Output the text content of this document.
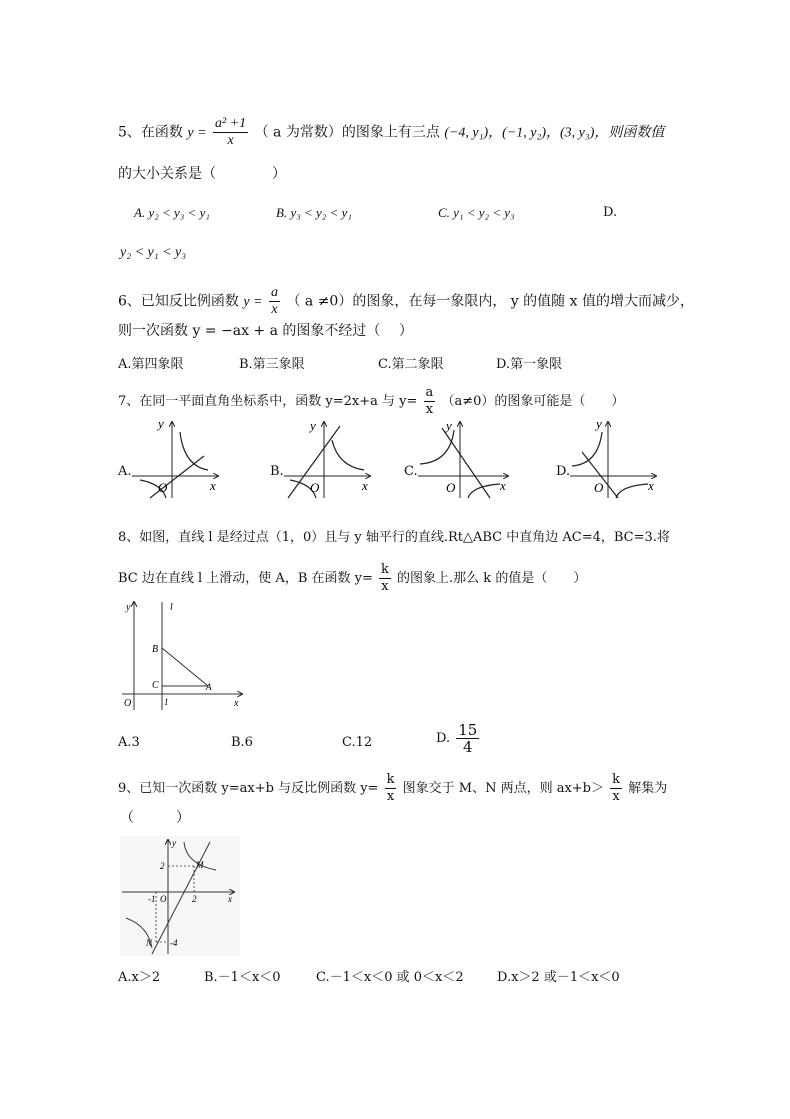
5、在函数 $y = \frac{\text{a² +1}}{x}$ （ a 为常数）的图象上有三点 (−4, y₁)，(−1, y₂)，(3, y₃)，则函数值
的大小关系是（　　　　）
A. y₂ < y₃ < y₁	B. y₃ < y₂ < y₁	C. y₁ < y₂ < y₃	D.
y₂ < y₁ < y₃
6、已知反比例函数 $y = \frac{a}{x}$ （ a ≠0）的图象，在每一象限内， y 的值随 x 值的增大而减少，
则一次函数 y = −ax + a 的图象不经过（　 ）
A.第四象限	B.第三象限	C.第二象限	D.第一象限
7、在同一平面直角坐标系中，函数 y=2x+a 与 $y= \frac{a}{x} (a\ne 0)$的图象可能是（　　）
A.
y
x
O
B.
y
x
O
C.
y
x
O
D.
y
x
O
8、如图，直线 l 是经过点（1，0）且与 y 轴平行的直线.Rt△ABC 中直角边 AC=4，BC=3.将
BC 边在直线 l 上滑动，使 A，B 在函数 $y= \frac{k}{x}$ 的图象上.那么 k 的值是（　　）
y	l
B
C	A
O	1	x
A.3	B.6	C.12	D. $\frac{15}{4}$
9、已知一次函数 y=ax+b 与反比例函数 $y= \frac{k}{x}$ 图象交于 M、N 两点，则 $ax+b> \frac{k}{x}$ 解集为
（　　　）
y
x
M
N
2
-1	2
-4
O
A.x＞2	B.－1＜x＜0	C.－1＜x＜0 或 0＜x＜2	D.x＞2 或－1＜x＜0
